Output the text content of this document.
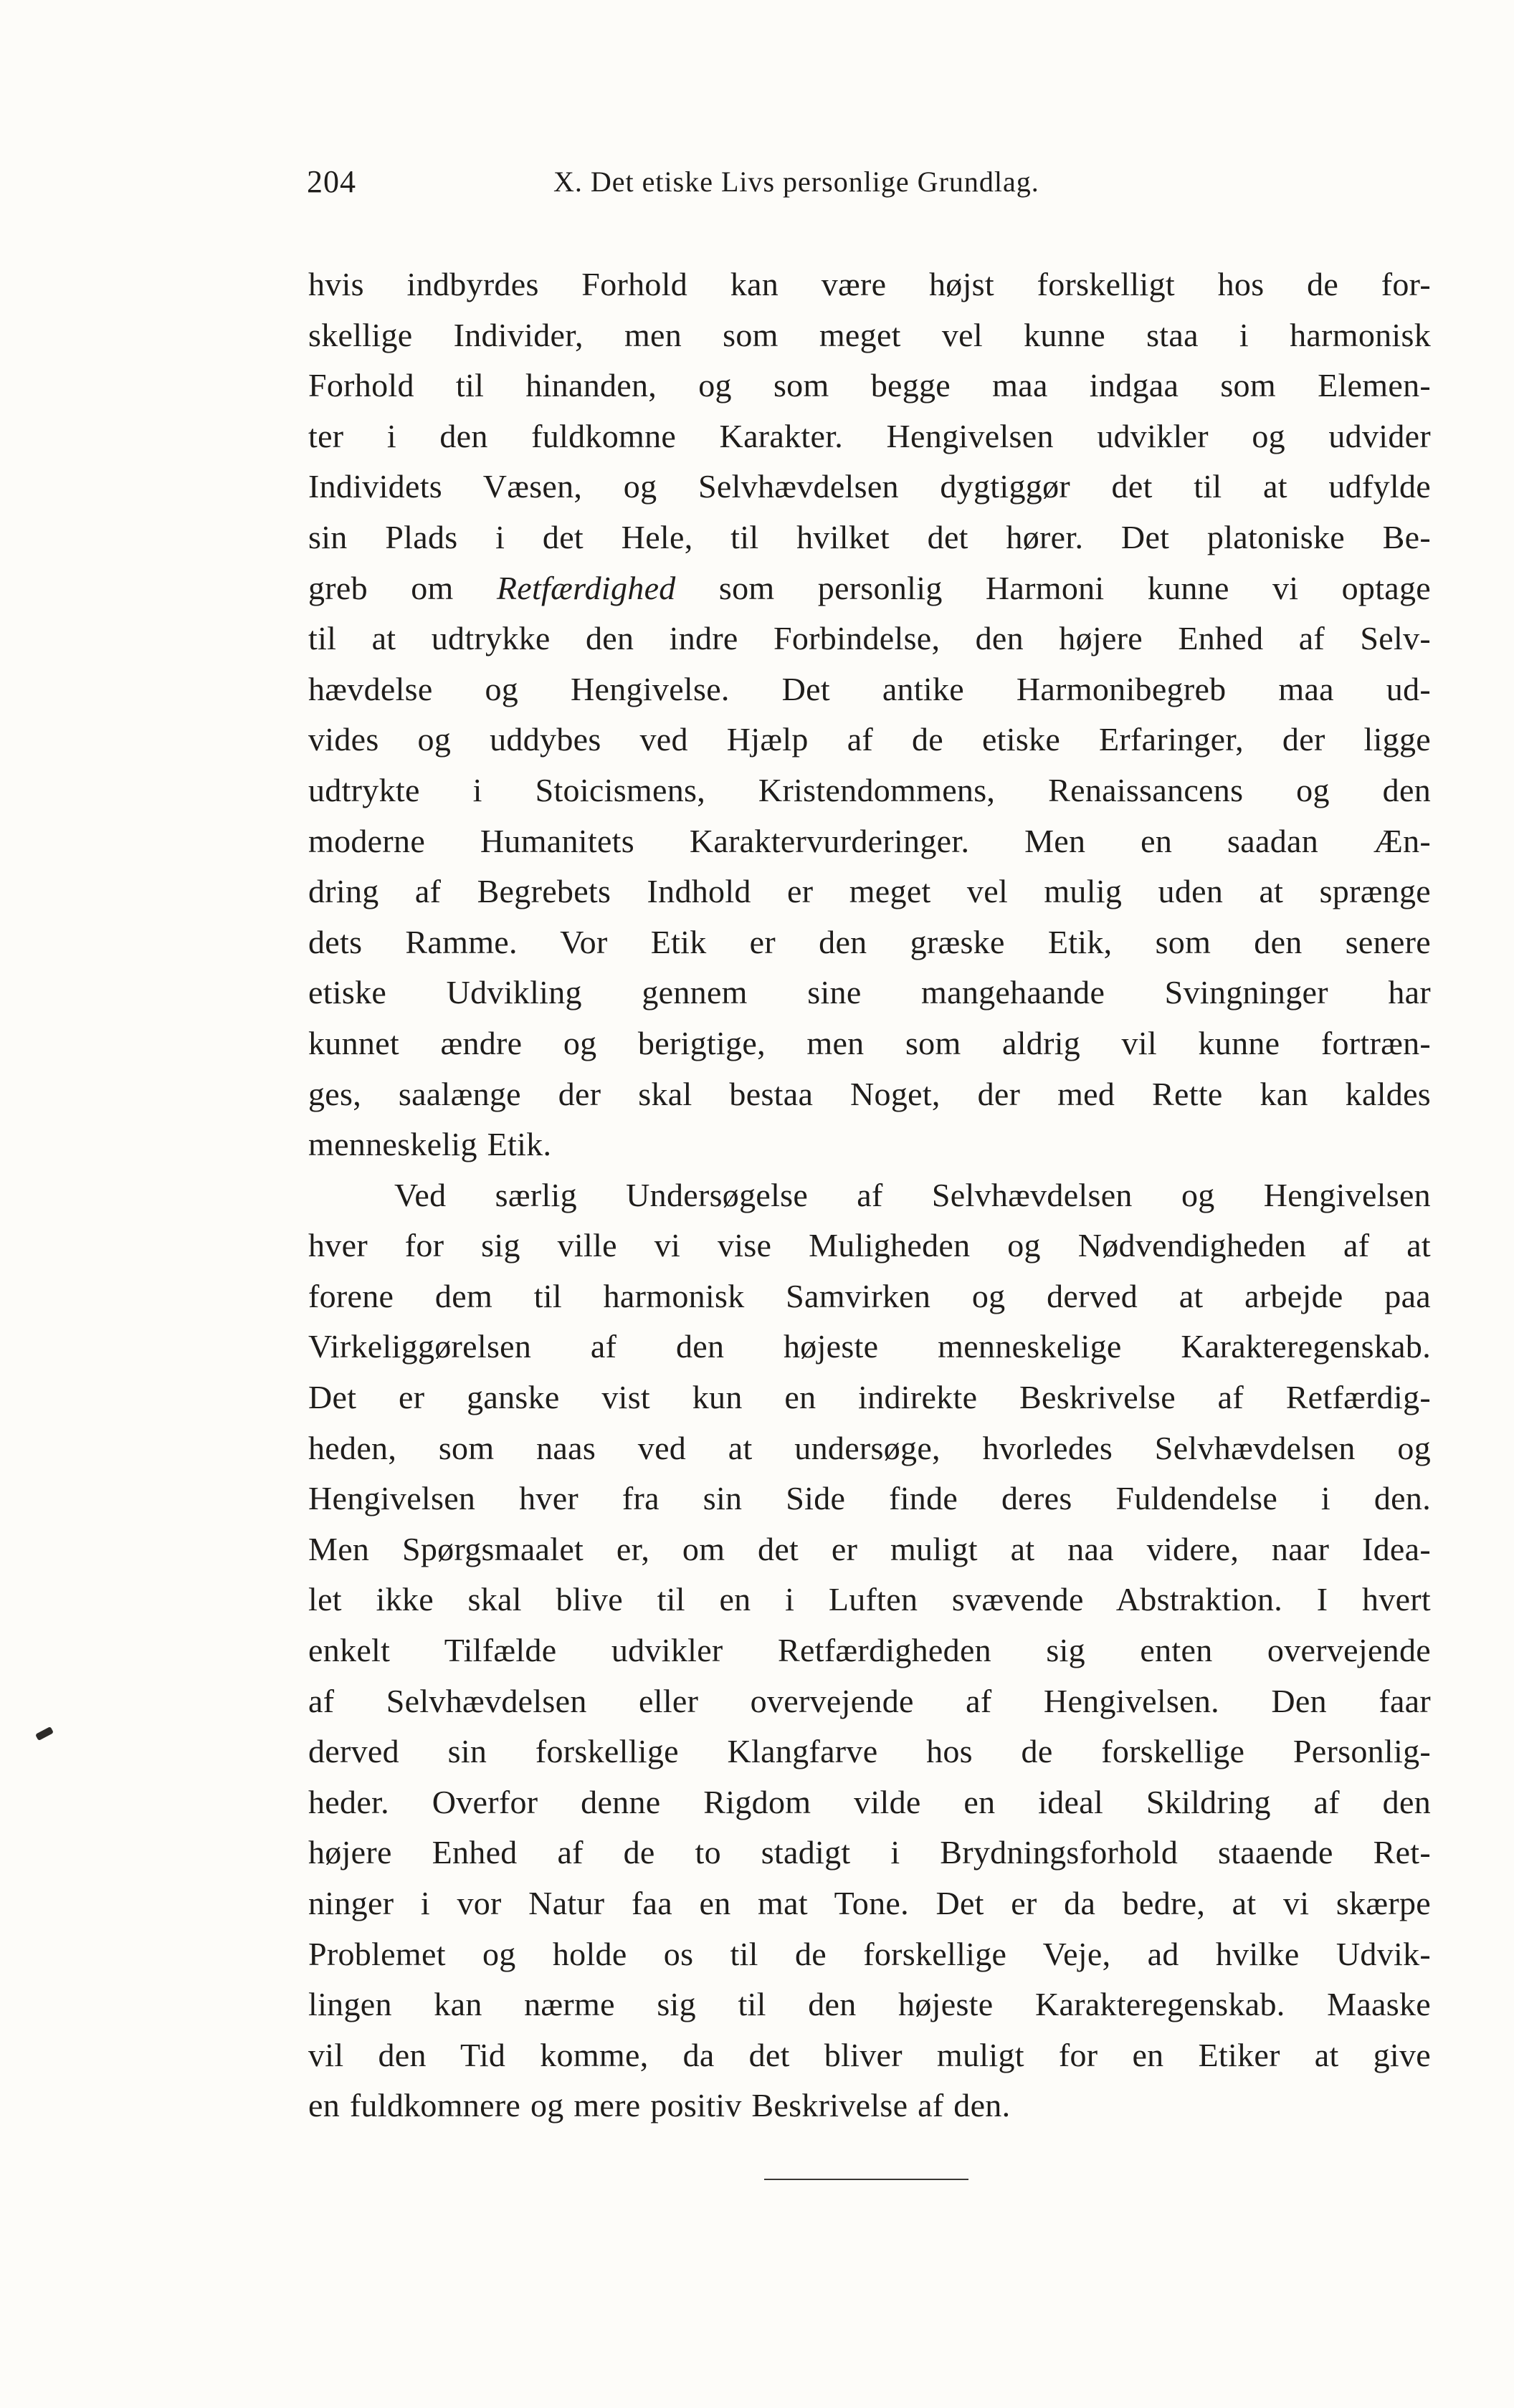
204	X. Det etiske Livs personlige Grundlag.
hvis indbyrdes Forhold kan være højst forskelligt hos de for-
skellige Individer, men som meget vel kunne staa i harmonisk
Forhold til hinanden, og som begge maa indgaa som Elemen-
ter i den fuldkomne Karakter. Hengivelsen udvikler og udvider
Individets Væsen, og Selvhævdelsen dygtiggør det til at udfylde
sin Plads i det Hele, til hvilket det hører. Det platoniske Be-
greb om Retfærdighed som personlig Harmoni kunne vi optage
til at udtrykke den indre Forbindelse, den højere Enhed af Selv-
hævdelse og Hengivelse. Det antike Harmonibegreb maa ud-
vides og uddybes ved Hjælp af de etiske Erfaringer, der ligge
udtrykte i Stoicismens, Kristendommens, Renaissancens og den
moderne Humanitets Karaktervurderinger. Men en saadan Æn-
dring af Begrebets Indhold er meget vel mulig uden at sprænge
dets Ramme. Vor Etik er den græske Etik, som den senere
etiske Udvikling gennem sine mangehaande Svingninger har
kunnet ændre og berigtige, men som aldrig vil kunne fortræn-
ges, saalænge der skal bestaa Noget, der med Rette kan kaldes
menneskelig Etik.
Ved særlig Undersøgelse af Selvhævdelsen og Hengivelsen
hver for sig ville vi vise Muligheden og Nødvendigheden af at
forene dem til harmonisk Samvirken og derved at arbejde paa
Virkeliggørelsen af den højeste menneskelige Karakteregenskab.
Det er ganske vist kun en indirekte Beskrivelse af Retfærdig-
heden, som naas ved at undersøge, hvorledes Selvhævdelsen og
Hengivelsen hver fra sin Side finde deres Fuldendelse i den.
Men Spørgsmaalet er, om det er muligt at naa videre, naar Idea-
let ikke skal blive til en i Luften svævende Abstraktion. I hvert
enkelt Tilfælde udvikler Retfærdigheden sig enten overvejende
af Selvhævdelsen eller overvejende af Hengivelsen. Den faar
derved sin forskellige Klangfarve hos de forskellige Personlig-
heder. Overfor denne Rigdom vilde en ideal Skildring af den
højere Enhed af de to stadigt i Brydningsforhold staaende Ret-
ninger i vor Natur faa en mat Tone. Det er da bedre, at vi skærpe
Problemet og holde os til de forskellige Veje, ad hvilke Udvik-
lingen kan nærme sig til den højeste Karakteregenskab. Maaske
vil den Tid komme, da det bliver muligt for en Etiker at give
en fuldkomnere og mere positiv Beskrivelse af den.
